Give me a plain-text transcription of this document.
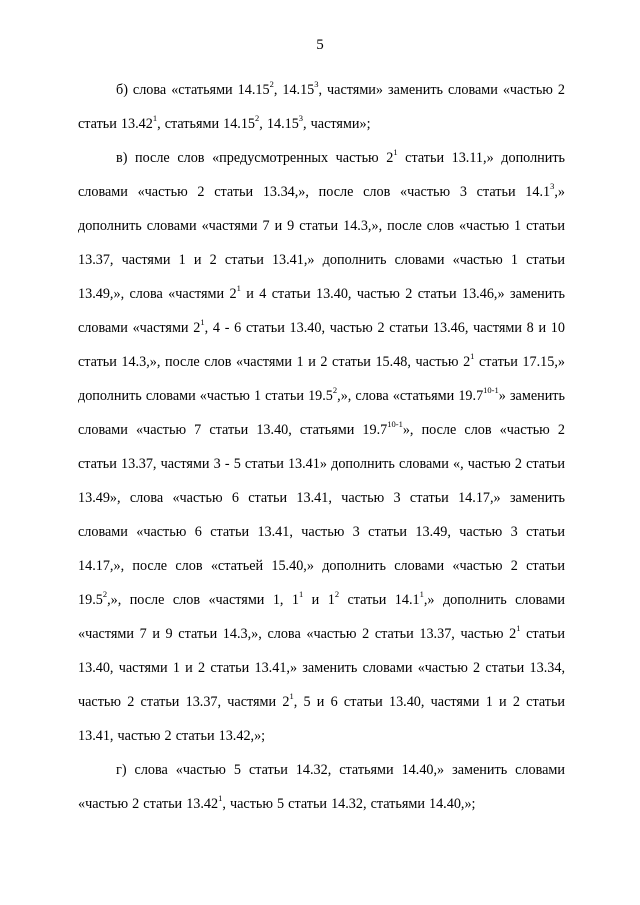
5

б) слова «статьями 14.15$^2$, 14.15$^3$, частями» заменить словами «частью 2 статьи 13.42$^1$, статьями 14.15$^2$, 14.15$^3$, частями»;

в) после слов «предусмотренных частью $2^1$ статьи 13.11,» дополнить словами «частью 2 статьи 13.34,», после слов «частью 3 статьи 14.1$^3$,» дополнить словами «частями 7 и 9 статьи 14.3,», после слов «частью 1 статьи 13.37, частями 1 и 2 статьи 13.41,» дополнить словами «частью 1 статьи 13.49,», слова «частями $2^1$ и 4 статьи 13.40, частью 2 статьи 13.46,» заменить словами «частями $2^1$, 4 - 6 статьи 13.40, частью 2 статьи 13.46, частями 8 и 10 статьи 14.3,», после слов «частями 1 и 2 статьи 15.48, частью $2^1$ статьи 17.15,» дополнить словами «частью 1 статьи 19.5$^2$,», слова «статьями 19.7$^{10-1}$» заменить словами «частью 7 статьи 13.40, статьями 19.7$^{10-1}$», после слов «частью 2 статьи 13.37, частями 3 - 5 статьи 13.41» дополнить словами «, частью 2 статьи 13.49», слова «частью 6 статьи 13.41, частью 3 статьи 14.17,» заменить словами «частью 6 статьи 13.41, частью 3 статьи 13.49, частью 3 статьи 14.17,», после слов «статьей 15.40,» дополнить словами «частью 2 статьи 19.5$^2$,», после слов «частями 1, $1^1$ и $1^2$ статьи 14.1$^1$,» дополнить словами «частями 7 и 9 статьи 14.3,», слова «частью 2 статьи 13.37, частью $2^1$ статьи 13.40, частями 1 и 2 статьи 13.41,» заменить словами «частью 2 статьи 13.34, частью 2 статьи 13.37, частями $2^1$, 5 и 6 статьи 13.40, частями 1 и 2 статьи 13.41, частью 2 статьи 13.42,»;

г) слова «частью 5 статьи 14.32, статьями 14.40,» заменить словами «частью 2 статьи 13.42$^1$, частью 5 статьи 14.32, статьями 14.40,»;
